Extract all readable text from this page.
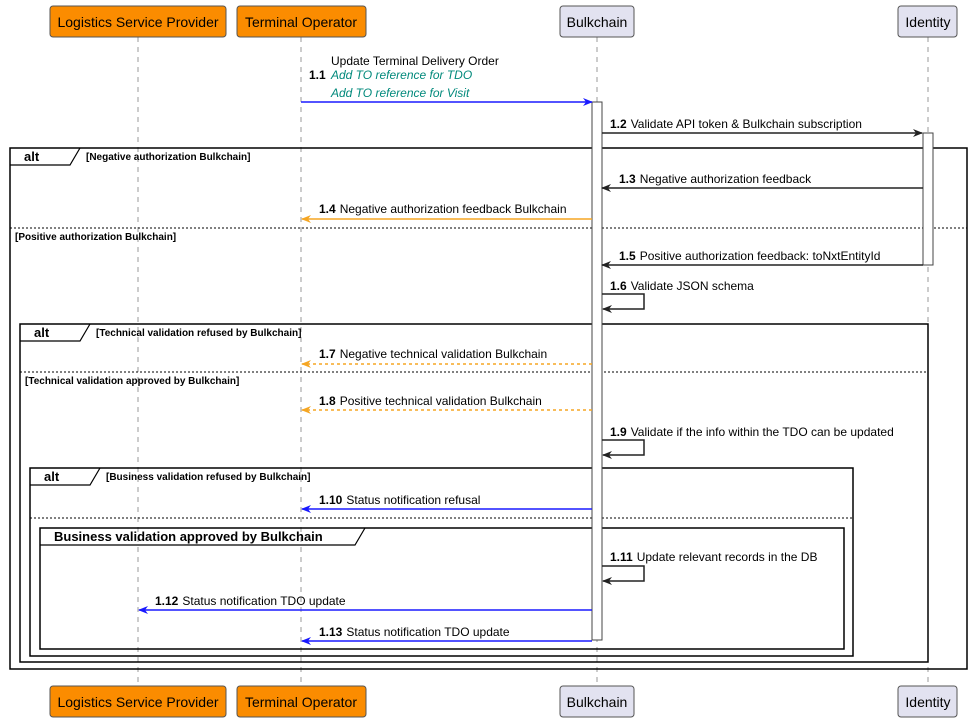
alt	[Negative authorization Bulkchain]
[Positive authorization Bulkchain]
alt	[Technical validation refused by Bulkchain]
[Technical validation approved by Bulkchain]
alt	[Business validation refused by Bulkchain]
Business validation approved by Bulkchain
Update Terminal Delivery Order
1.1 Add TO reference for TDO
Add TO reference for Visit
1.2 Validate API token & Bulkchain subscription
1.3 Negative authorization feedback
1.4 Negative authorization feedback Bulkchain
1.5 Positive authorization feedback: toNxtEntityId
1.6 Validate JSON schema
1.7 Negative technical validation Bulkchain
1.8 Positive technical validation Bulkchain
1.9 Validate if the info within the TDO can be updated
1.10 Status notification refusal
1.11 Update relevant records in the DB
1.12 Status notification TDO update
1.13 Status notification TDO update
Logistics Service Provider
Logistics Service Provider
Terminal Operator
Terminal Operator
Bulkchain
Bulkchain
Identity
Identity
